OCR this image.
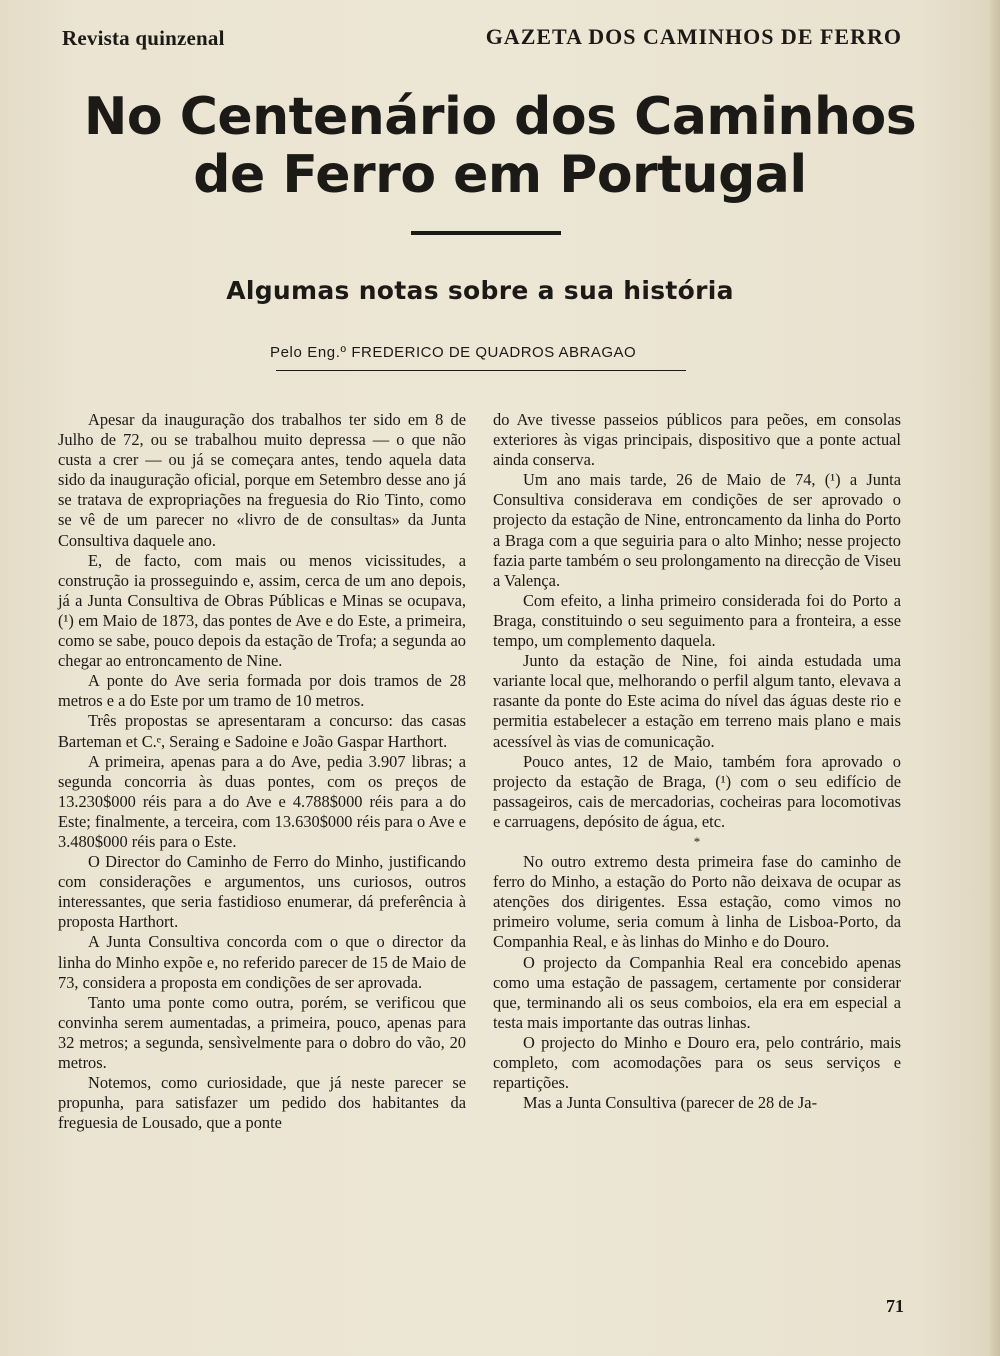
Revista quinzenal	GAZETA DOS CAMINHOS DE FERRO
No Centenário dos Caminhos
de Ferro em Portugal
Algumas notas sobre a sua história
Pelo Eng.º FREDERICO DE QUADROS ABRAGAO

Apesar da inauguração dos trabalhos ter sido em 8 de Julho de 72, ou se trabalhou muito depressa — o que não custa a crer — ou já se começara antes, tendo aquela data sido da inauguração oficial, porque em Setembro desse ano já se tratava de expropriações na freguesia do Rio Tinto, como se vê de um parecer no «livro de de consultas» da Junta Consultiva daquele ano.

E, de facto, com mais ou menos vicissitudes, a construção ia prosseguindo e, assim, cerca de um ano depois, já a Junta Consultiva de Obras Públicas e Minas se ocupava, (¹) em Maio de 1873, das pontes de Ave e do Este, a primeira, como se sabe, pouco depois da estação de Trofa; a segunda ao chegar ao entroncamento de Nine.

A ponte do Ave seria formada por dois tramos de 28 metros e a do Este por um tramo de 10 metros.

Três propostas se apresentaram a concurso: das casas Barteman et C.ᵉ, Seraing e Sadoine e João Gaspar Harthort.

A primeira, apenas para a do Ave, pedia 3.907 libras; a segunda concorria às duas pontes, com os preços de 13.230$000 réis para a do Ave e 4.788$000 réis para a do Este; finalmente, a terceira, com 13.630$000 réis para o Ave e 3.480$000 réis para o Este.

O Director do Caminho de Ferro do Minho, justificando com considerações e argumentos, uns curiosos, outros interessantes, que seria fastidioso enumerar, dá preferência à proposta Harthort.

A Junta Consultiva concorda com o que o director da linha do Minho expõe e, no referido parecer de 15 de Maio de 73, considera a proposta em condições de ser aprovada.

Tanto uma ponte como outra, porém, se verificou que convinha serem aumentadas, a primeira, pouco, apenas para 32 metros; a segunda, sensìvelmente para o dobro do vão, 20 metros.

Notemos, como curiosidade, que já neste parecer se propunha, para satisfazer um pedido dos habitantes da freguesia de Lousado, que a ponte

do Ave tivesse passeios públicos para peões, em consolas exteriores às vigas principais, dispositivo que a ponte actual ainda conserva.

Um ano mais tarde, 26 de Maio de 74, (¹) a Junta Consultiva considerava em condições de ser aprovado o projecto da estação de Nine, entroncamento da linha do Porto a Braga com a que seguiria para o alto Minho; nesse projecto fazia parte também o seu prolongamento na direcção de Viseu a Valença.

Com efeito, a linha primeiro considerada foi do Porto a Braga, constituindo o seu seguimento para a fronteira, a esse tempo, um complemento daquela.

Junto da estação de Nine, foi ainda estudada uma variante local que, melhorando o perfil algum tanto, elevava a rasante da ponte do Este acima do nível das águas deste rio e permitia estabelecer a estação em terreno mais plano e mais acessível às vias de comunicação.

Pouco antes, 12 de Maio, também fora aprovado o projecto da estação de Braga, (¹) com o seu edifício de passageiros, cais de mercadorias, cocheiras para locomotivas e carruagens, depósito de água, etc.

*

No outro extremo desta primeira fase do caminho de ferro do Minho, a estação do Porto não deixava de ocupar as atenções dos dirigentes. Essa estação, como vimos no primeiro volume, seria comum à linha de Lisboa-Porto, da Companhia Real, e às linhas do Minho e do Douro.

O projecto da Companhia Real era concebido apenas como uma estação de passagem, certamente por considerar que, terminando ali os seus comboios, ela era em especial a testa mais importante das outras linhas.

O projecto do Minho e Douro era, pelo contrário, mais completo, com acomodações para os seus serviços e repartições.

Mas a Junta Consultiva (parecer de 28 de Ja-

71
